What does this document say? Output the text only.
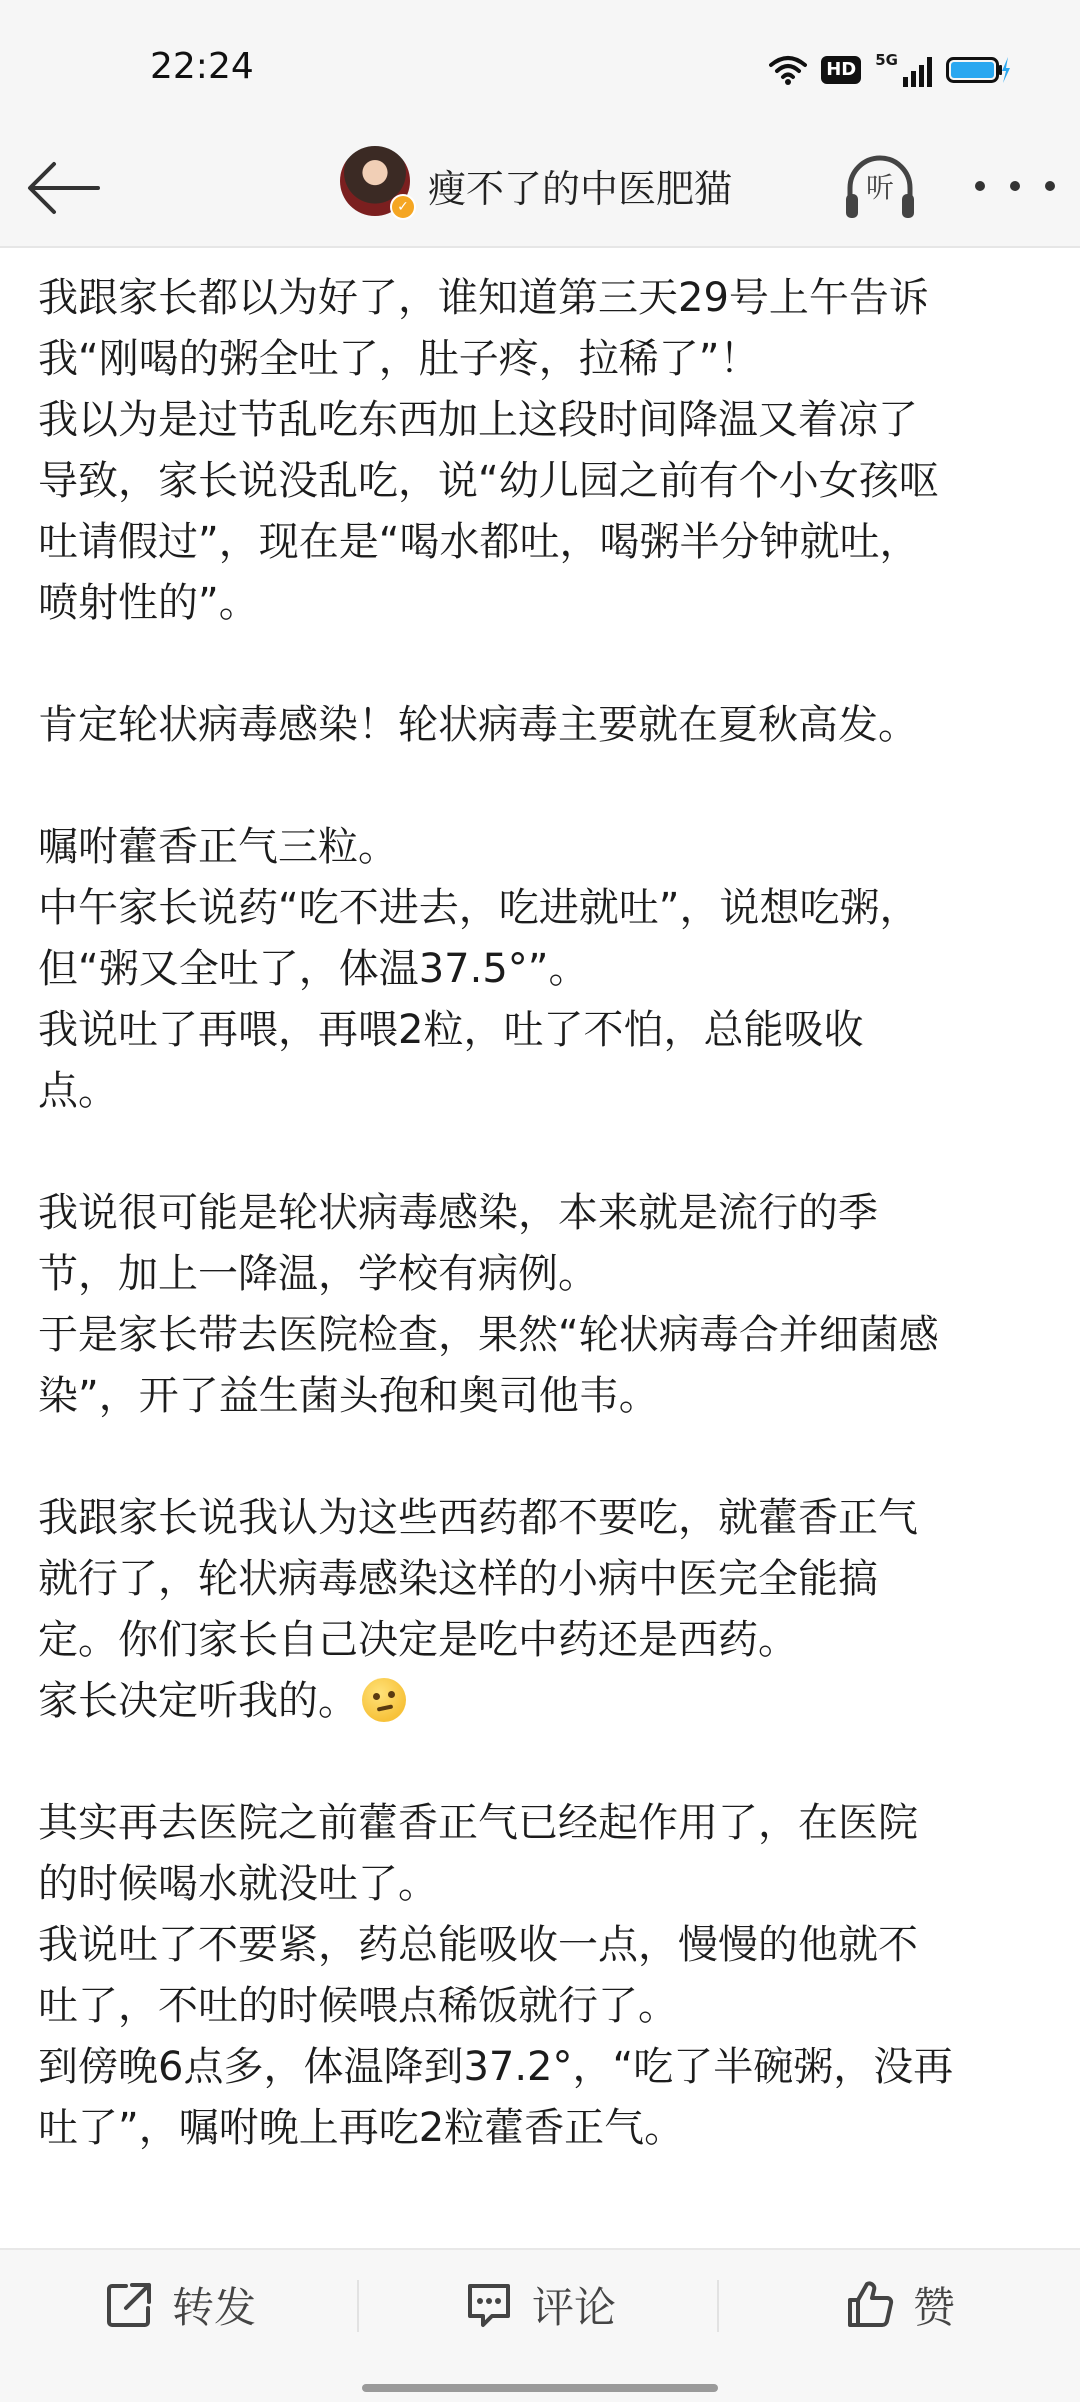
22:24	HD	5G
✓ 瘦不了的中医肥猫	听

我跟家长都以为好了，谁知道第三天29号上午告诉
我“刚喝的粥全吐了，肚子疼，拉稀了”！
我以为是过节乱吃东西加上这段时间降温又着凉了
导致，家长说没乱吃，说“幼儿园之前有个小女孩呕
吐请假过”，现在是“喝水都吐，喝粥半分钟就吐，
喷射性的”。

肯定轮状病毒感染！轮状病毒主要就在夏秋高发。

嘱咐藿香正气三粒。
中午家长说药“吃不进去，吃进就吐”，说想吃粥，
但“粥又全吐了，体温37.5°”。
我说吐了再喂，再喂2粒，吐了不怕，总能吸收
点。

我说很可能是轮状病毒感染，本来就是流行的季
节，加上一降温，学校有病例。
于是家长带去医院检查，果然“轮状病毒合并细菌感
染”，开了益生菌头孢和奥司他韦。

我跟家长说我认为这些西药都不要吃，就藿香正气
就行了，轮状病毒感染这样的小病中医完全能搞
定。你们家长自己决定是吃中药还是西药。

家长决定听我的。

其实再去医院之前藿香正气已经起作用了，在医院
的时候喝水就没吐了。
我说吐了不要紧，药总能吸收一点，慢慢的他就不
吐了，不吐的时候喂点稀饭就行了。
到傍晚6点多，体温降到37.2°，“吃了半碗粥，没再
吐了”，嘱咐晚上再吃2粒藿香正气。

转发	评论	赞
